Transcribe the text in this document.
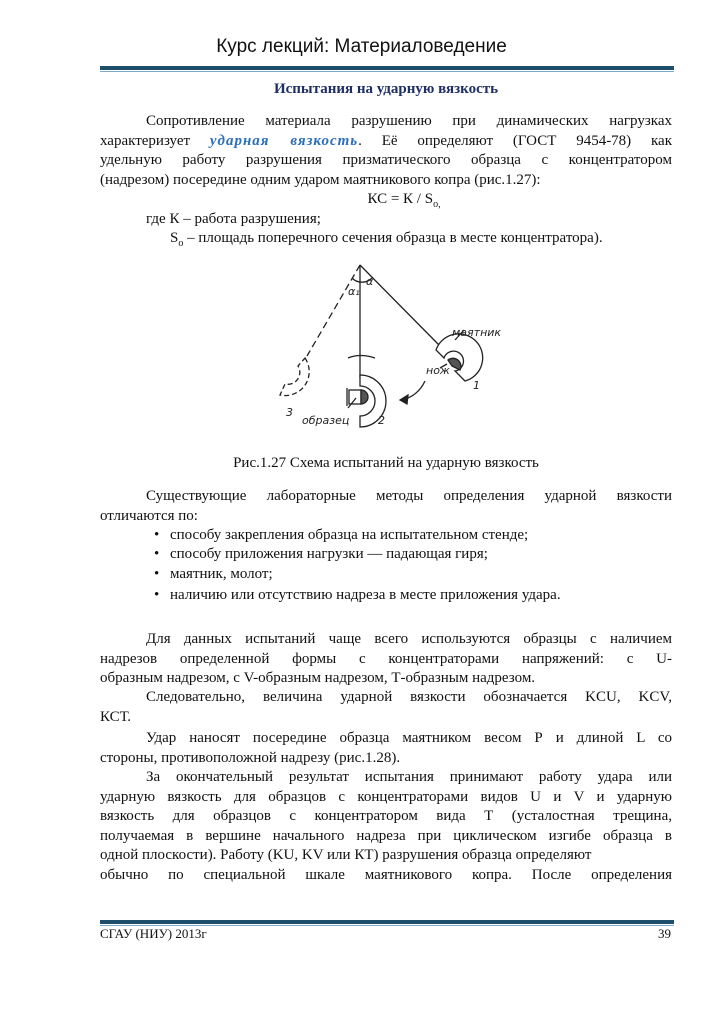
Курс лекций: Материаловедение
Испытания на ударную вязкость
Сопротивление материала разрушению при динамических нагрузках
характеризует ударная вязкость. Её определяют (ГОСТ 9454-78) как
удельную работу разрушения призматического образца с концентратором
(надрезом) посередине одним ударом маятникового копра (рис.1.27):
КС = К / $S_{o,}$
где К – работа разрушения;
$S_o$ – площадь поперечного сечения образца в месте концентратора).
α
α₁
маятник
нож
1
2
3
образец
Рис.1.27 Схема испытаний на ударную вязкость
Существующие лабораторные методы определения ударной вязкости
отличаются по:
• способу закрепления образца на испытательном стенде;
• способу приложения нагрузки — падающая гиря;
• маятник, молот;
• наличию или отсутствию надреза в месте приложения удара.
Для данных испытаний чаще всего используются образцы с наличием
надрезов определенной формы с концентраторами напряжений: с U-
образным надрезом, с V-образным надрезом, Т-образным надрезом.
Следовательно, величина ударной вязкости обозначается KCU, KCV,
КСТ.
Удар наносят посередине образца маятником весом Р и длиной L со
стороны, противоположной надрезу (рис.1.28).
За окончательный результат испытания принимают работу удара или
ударную вязкость для образцов с концентраторами видов U и V и ударную
вязкость для образцов с концентратором вида Т (усталостная трещина,
получаемая в вершине начального надреза при циклическом изгибе образца в
одной плоскости). Работу (KU, KV или КТ) разрушения образца определяют
обычно по специальной шкале маятникового копра. После определения
СГАУ (НИУ) 2013г	39
